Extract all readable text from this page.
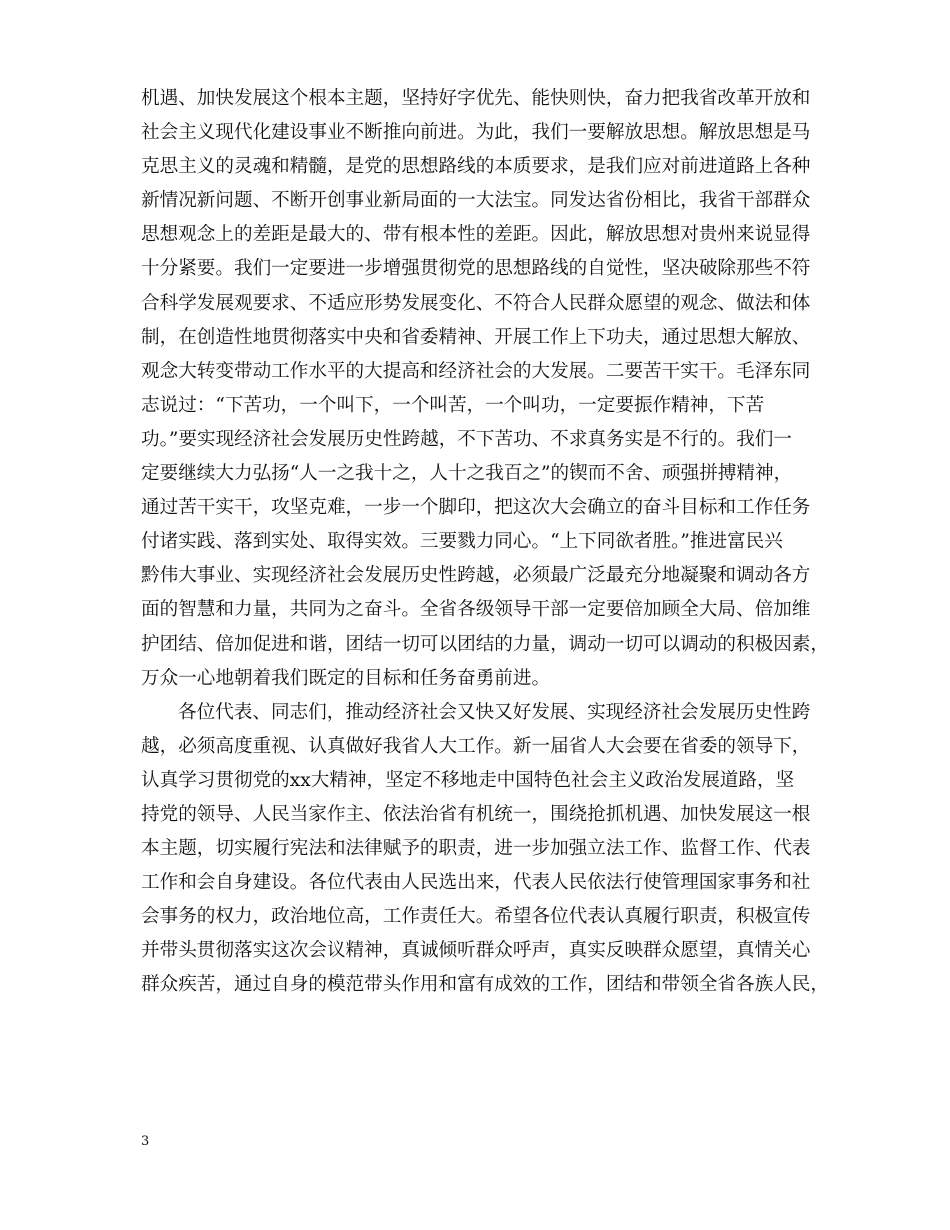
机遇、加快发展这个根本主题，坚持好字优先、能快则快，奋力把我省改革开放和
社会主义现代化建设事业不断推向前进。为此，我们一要解放思想。解放思想是马
克思主义的灵魂和精髓，是党的思想路线的本质要求，是我们应对前进道路上各种
新情况新问题、不断开创事业新局面的一大法宝。同发达省份相比，我省干部群众
思想观念上的差距是最大的、带有根本性的差距。因此，解放思想对贵州来说显得
十分紧要。我们一定要进一步增强贯彻党的思想路线的自觉性，坚决破除那些不符
合科学发展观要求、不适应形势发展变化、不符合人民群众愿望的观念、做法和体
制，在创造性地贯彻落实中央和省委精神、开展工作上下功夫，通过思想大解放、
观念大转变带动工作水平的大提高和经济社会的大发展。二要苦干实干。毛泽东同
志说过：“下苦功，一个叫下，一个叫苦，一个叫功，一定要振作精神，下苦
功。”要实现经济社会发展历史性跨越，不下苦功、不求真务实是不行的。我们一
定要继续大力弘扬“人一之我十之，人十之我百之”的锲而不舍、顽强拼搏精神，
通过苦干实干，攻坚克难，一步一个脚印，把这次大会确立的奋斗目标和工作任务
付诸实践、落到实处、取得实效。三要戮力同心。“上下同欲者胜。”推进富民兴
黔伟大事业、实现经济社会发展历史性跨越，必须最广泛最充分地凝聚和调动各方
面的智慧和力量，共同为之奋斗。全省各级领导干部一定要倍加顾全大局、倍加维
护团结、倍加促进和谐，团结一切可以团结的力量，调动一切可以调动的积极因素，
万众一心地朝着我们既定的目标和任务奋勇前进。
各位代表、同志们，推动经济社会又快又好发展、实现经济社会发展历史性跨
越，必须高度重视、认真做好我省人大工作。新一届省人大会要在省委的领导下，
认真学习贯彻党的xx大精神，坚定不移地走中国特色社会主义政治发展道路，坚
持党的领导、人民当家作主、依法治省有机统一，围绕抢抓机遇、加快发展这一根
本主题，切实履行宪法和法律赋予的职责，进一步加强立法工作、监督工作、代表
工作和会自身建设。各位代表由人民选出来，代表人民依法行使管理国家事务和社
会事务的权力，政治地位高，工作责任大。希望各位代表认真履行职责，积极宣传
并带头贯彻落实这次会议精神，真诚倾听群众呼声，真实反映群众愿望，真情关心
群众疾苦，通过自身的模范带头作用和富有成效的工作，团结和带领全省各族人民，
3
